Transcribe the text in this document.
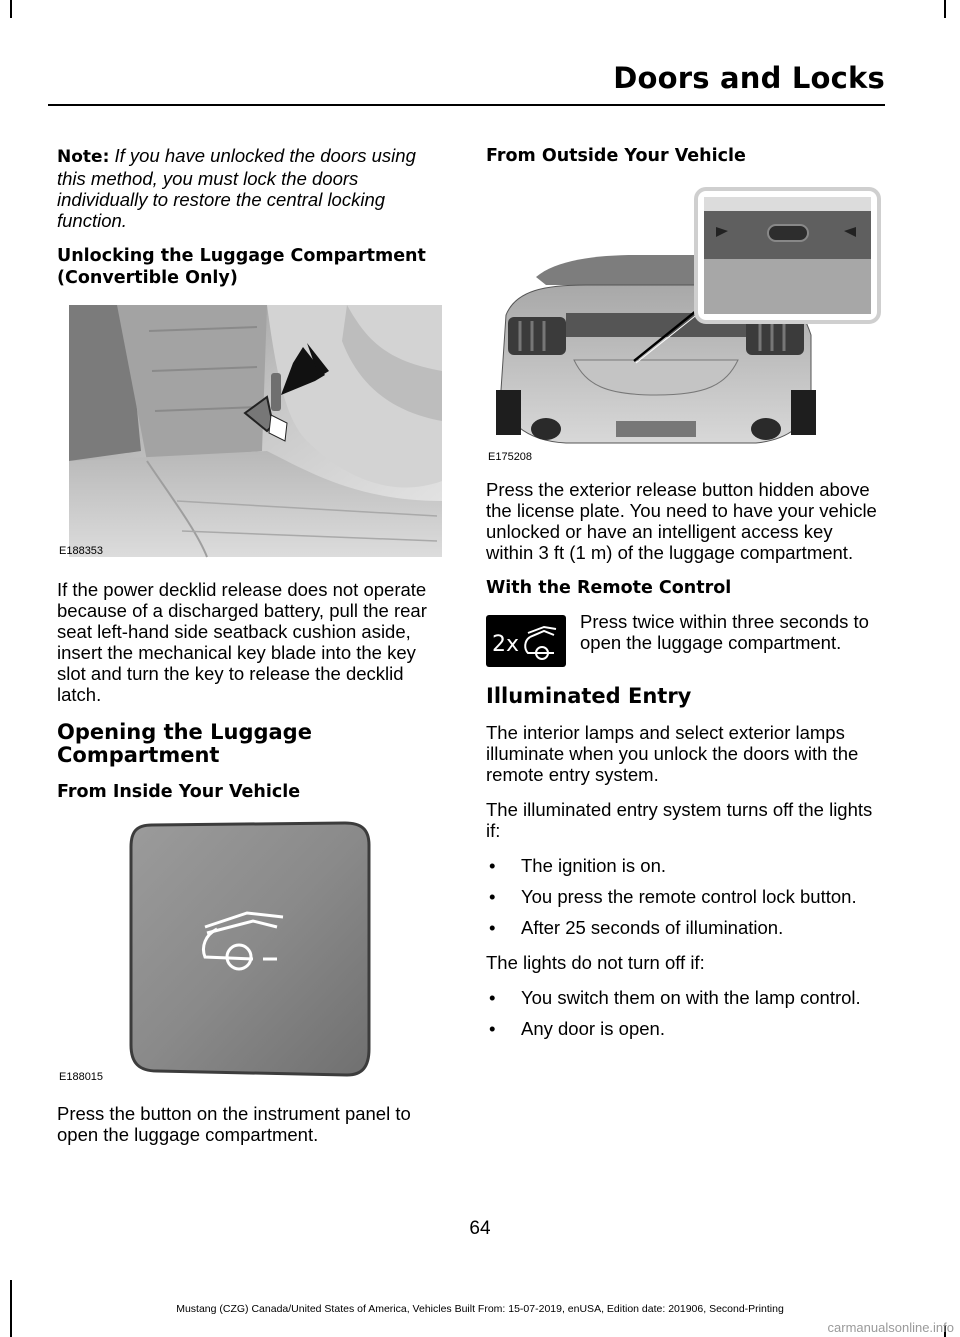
Doors and Locks

Note: If you have unlocked the doors using this method, you must lock the doors individually to restore the central locking function.

Unlocking the Luggage Compartment (Convertible Only)
E188353

If the power decklid release does not operate because of a discharged battery, pull the rear seat left-hand side seatback cushion aside, insert the mechanical key blade into the key slot and turn the key to release the decklid latch.

Opening the Luggage Compartment
From Inside Your Vehicle
E188015

Press the button on the instrument panel to open the luggage compartment.

From Outside Your Vehicle
E175208

Press the exterior release button hidden above the license plate. You need to have your vehicle unlocked or have an intelligent access key within 3 ft (1 m) of the luggage compartment.

With the Remote Control
2x

Press twice within three seconds to open the luggage compartment.

Illuminated Entry

The interior lamps and select exterior lamps illuminate when you unlock the doors with the remote entry system.

The illuminated entry system turns off the lights if:

• The ignition is on.
• You press the remote control lock button.
• After 25 seconds of illumination.

The lights do not turn off if:

• You switch them on with the lamp control.
• Any door is open.
64
Mustang (CZG) Canada/United States of America, Vehicles Built From: 15-07-2019, enUSA, Edition date: 201906, Second-Printing
carmanualsonline.info
